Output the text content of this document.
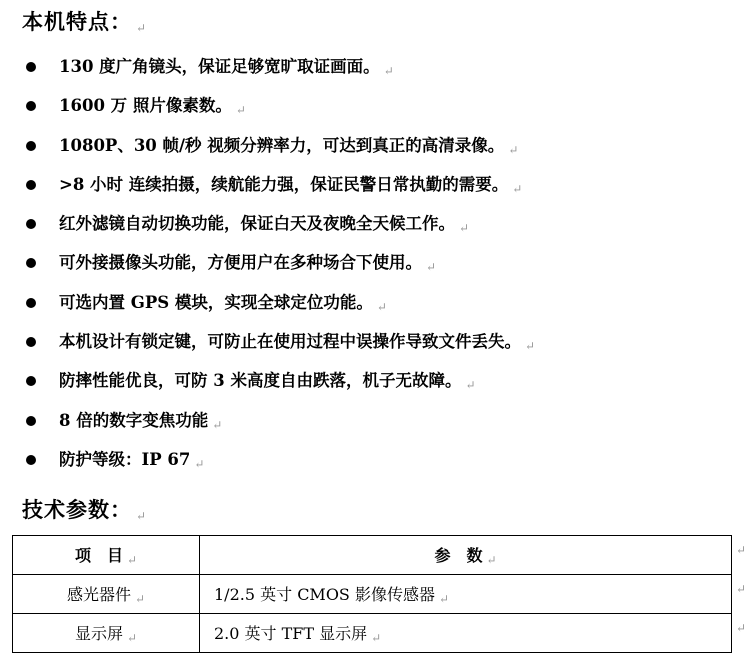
本机特点： ↵
130 度广角镜头，保证足够宽旷取证画面。 ↵
1600 万 照片像素数。 ↵
1080P、30 帧/秒 视频分辨率力，可达到真正的高清录像。 ↵
>8 小时 连续拍摄，续航能力强，保证民警日常执勤的需要。 ↵
红外滤镜自动切换功能，保证白天及夜晚全天候工作。 ↵
可外接摄像头功能，方便用户在多种场合下使用。 ↵
可选内置 GPS 模块，实现全球定位功能。 ↵
本机设计有锁定键，可防止在使用过程中误操作导致文件丢失。 ↵
防摔性能优良，可防 3 米高度自由跌落，机子无故障。 ↵
8 倍的数字变焦功能 ↵
防护等级：IP 67 ↵
技术参数： ↵
项　目 ↵	参　数 ↵
感光器件 ↵	1/2.5 英寸 CMOS 影像传感器 ↵
显示屏 ↵	2.0 英寸 TFT 显示屏 ↵
↵
↵
↵
